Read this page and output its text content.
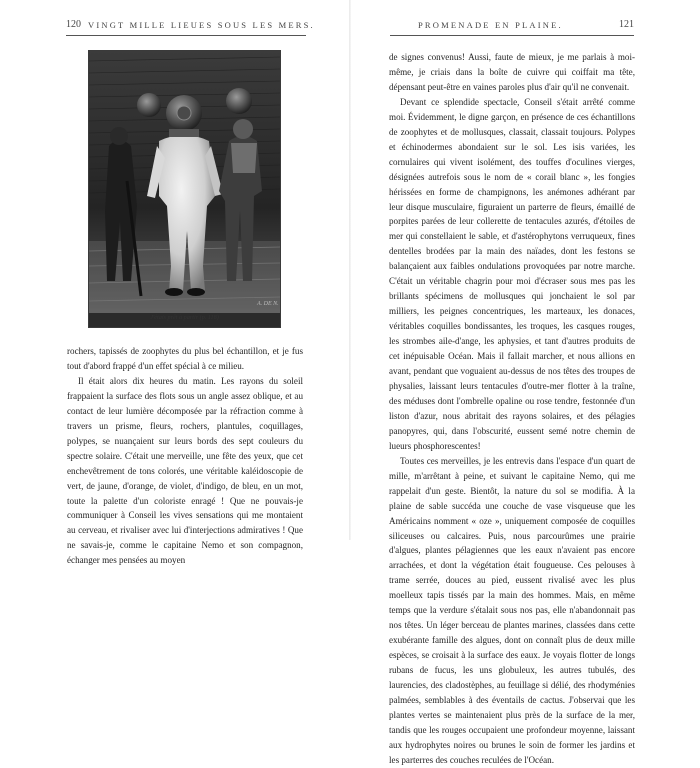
120 VINGT MILLE LIEUES SOUS LES MERS.
A. DE N.
J'étais prêt à partir (p. 118)

rochers, tapissés de zoophytes du plus bel échantillon, et je fus tout d'abord frappé d'un effet spécial à ce milieu.

Il était alors dix heures du matin. Les rayons du soleil frappaient la surface des flots sous un angle assez oblique, et au contact de leur lumière décomposée par la réfraction comme à travers un prisme, fleurs, rochers, plantules, coquillages, polypes, se nuançaient sur leurs bords des sept couleurs du spectre solaire. C'était une merveille, une fête des yeux, que cet enchevêtrement de tons colorés, une véritable kaléidoscopie de vert, de jaune, d'orange, de violet, d'indigo, de bleu, en un mot, toute la palette d'un coloriste enragé ! Que ne pouvais-je communiquer à Conseil les vives sensations qui me montaient au cerveau, et rivaliser avec lui d'interjections admiratives ! Que ne savais-je, comme le capitaine Nemo et son compagnon, échanger mes pensées au moyen

PROMENADE EN PLAINE.	121

de signes convenus! Aussi, faute de mieux, je me parlais à moi-même, je criais dans la boîte de cuivre qui coiffait ma tête, dépensant peut-être en vaines paroles plus d'air qu'il ne convenait.

Devant ce splendide spectacle, Conseil s'était arrêté comme moi. Évidemment, le digne garçon, en présence de ces échantillons de zoophytes et de mollusques, classait, classait toujours. Polypes et échinodermes abondaient sur le sol. Les isis variées, les cornulaires qui vivent isolément, des touffes d'oculines vierges, désignées autrefois sous le nom de « corail blanc », les fongies hérissées en forme de champignons, les anémones adhérant par leur disque musculaire, figuraient un parterre de fleurs, émaillé de porpites parées de leur collerette de tentacules azurés, d'étoiles de mer qui constellaient le sable, et d'astérophytons verruqueux, fines dentelles brodées par la main des naïades, dont les festons se balançaient aux faibles ondulations provoquées par notre marche. C'était un véritable chagrin pour moi d'écraser sous mes pas les brillants spécimens de mollusques qui jonchaient le sol par milliers, les peignes concentriques, les marteaux, les donaces, véritables coquilles bondissantes, les troques, les casques rouges, les strombes aile-d'ange, les aphysies, et tant d'autres produits de cet inépuisable Océan. Mais il fallait marcher, et nous allions en avant, pendant que voguaient au-dessus de nos têtes des troupes de physalies, laissant leurs tentacules d'outre-mer flotter à la traîne, des méduses dont l'ombrelle opaline ou rose tendre, festonnée d'un liston d'azur, nous abritait des rayons solaires, et des pélagies panopyres, qui, dans l'obscurité, eussent semé notre chemin de lueurs phosphorescentes!

Toutes ces merveilles, je les entrevis dans l'espace d'un quart de mille, m'arrêtant à peine, et suivant le capitaine Nemo, qui me rappelait d'un geste. Bientôt, la nature du sol se modifia. À la plaine de sable succéda une couche de vase visqueuse que les Américains nomment « oze », uniquement composée de coquilles siliceuses ou calcaires. Puis, nous parcourûmes une prairie d'algues, plantes pélagiennes que les eaux n'avaient pas encore arrachées, et dont la végétation était fougueuse. Ces pelouses à trame serrée, douces au pied, eussent rivalisé avec les plus moelleux tapis tissés par la main des hommes. Mais, en même temps que la verdure s'étalait sous nos pas, elle n'abandonnait pas nos têtes. Un léger berceau de plantes marines, classées dans cette exubérante famille des algues, dont on connaît plus de deux mille espèces, se croisait à la surface des eaux. Je voyais flotter de longs rubans de fucus, les uns globuleux, les autres tubulés, des laurencies, des cladostèphes, au feuillage si délié, des rhodyménies palmées, semblables à des éventails de cactus. J'observai que les plantes vertes se maintenaient plus près de la surface de la mer, tandis que les rouges occupaient une profondeur moyenne, laissant aux hydrophytes noires ou brunes le soin de former les jardins et les parterres des couches reculées de l'Océan.
